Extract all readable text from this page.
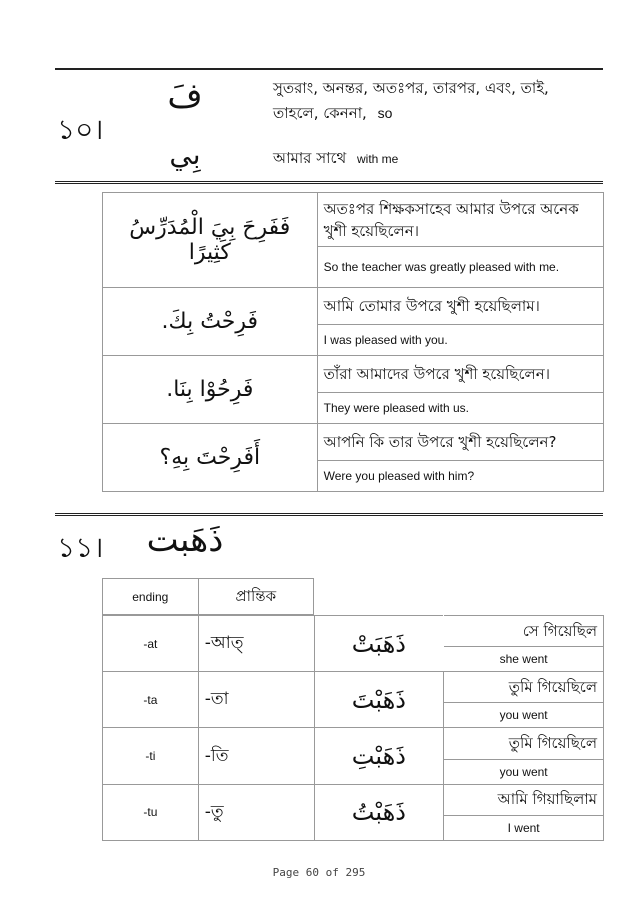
১০।
فَ
بِي
সুতরাং, অনন্তর, অতঃপর, তারপর, এবং, তাই, তাহলে, কেননা, so
আমার সাথে with me
فَفَرِحَ بِيَ الْمُدَرِّسُ كَثِيرًا	অতঃপর শিক্ষকসাহেব আমার উপরে অনেক খুশী হয়েছিলেন।
	So the teacher was greatly pleased with me.
فَرِحْتُ بِكَ.	আমি তোমার উপরে খুশী হয়েছিলাম।
	I was pleased with you.
فَرِحُوْا بِنَا.	তাঁরা আমাদের উপরে খুশী হয়েছিলেন।
	They were pleased with us.
أَفَرِحْتَ بِهِ؟	আপনি কি তার উপরে খুশী হয়েছিলেন?
	Were you pleased with him?
১১। ذَهَبت
ending	প্রান্তিক
-at	-আত্	ذَهَبَتْ	সে গিয়েছিল
			she went
-ta	-তা	ذَهَبْتَ	তুমি গিয়েছিলে
			you went
-ti	-তি	ذَهَبْتِ	তুমি গিয়েছিলে
			you went
-tu	-তু	ذَهَبْتُ	আমি গিয়াছিলাম
			I went
Page 60 of 295
